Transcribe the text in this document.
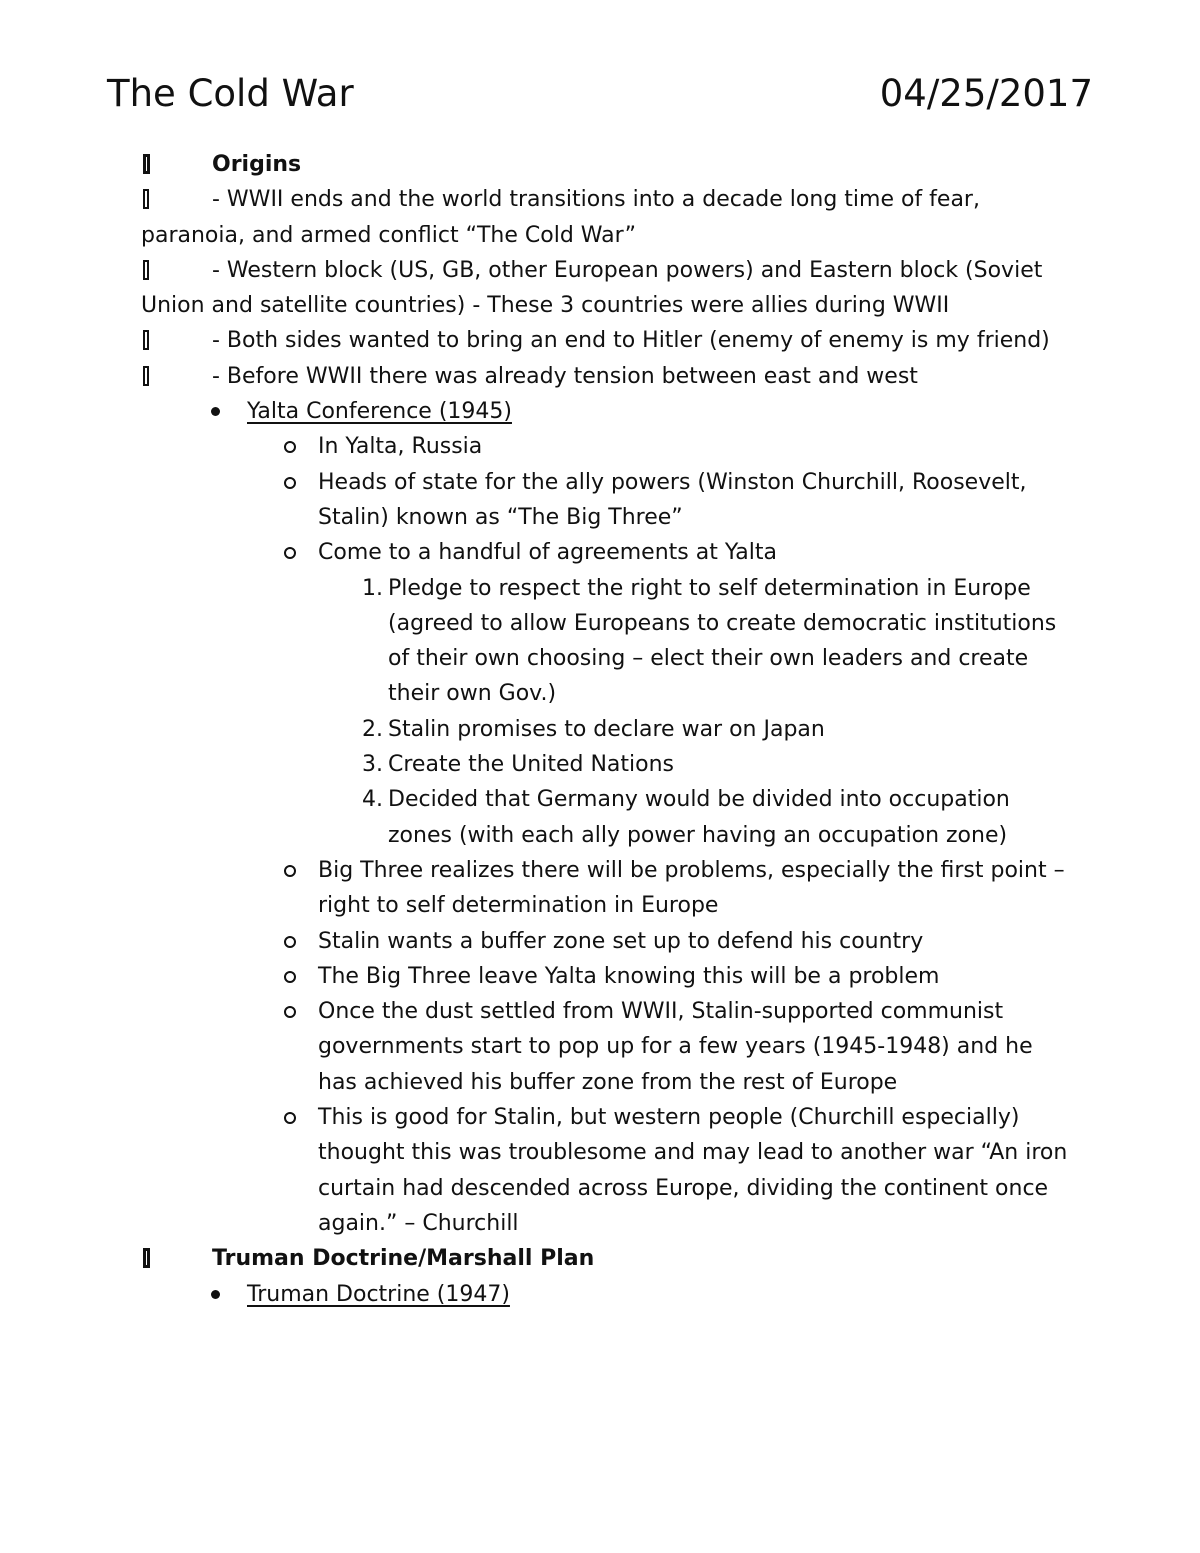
The Cold War	04/25/2017
Origins
- WWII ends and the world transitions into a decade long time of fear, paranoia, and armed conflict “The Cold War”
- Western block (US, GB, other European powers) and Eastern block (Soviet Union and satellite countries) - These 3 countries were allies during WWII
- Both sides wanted to bring an end to Hitler (enemy of enemy is my friend)
- Before WWII there was already tension between east and west
Yalta Conference (1945)
In Yalta, Russia
Heads of state for the ally powers (Winston Churchill, Roosevelt, Stalin) known as “The Big Three”
Come to a handful of agreements at Yalta
1. Pledge to respect the right to self determination in Europe (agreed to allow Europeans to create democratic institutions of their own choosing – elect their own leaders and create their own Gov.)
2. Stalin promises to declare war on Japan
3. Create the United Nations
4. Decided that Germany would be divided into occupation zones (with each ally power having an occupation zone)
Big Three realizes there will be problems, especially the first point – right to self determination in Europe
Stalin wants a buffer zone set up to defend his country
The Big Three leave Yalta knowing this will be a problem
Once the dust settled from WWII, Stalin-supported communist governments start to pop up for a few years (1945-1948) and he has achieved his buffer zone from the rest of Europe
This is good for Stalin, but western people (Churchill especially) thought this was troublesome and may lead to another war “An iron curtain had descended across Europe, dividing the continent once again.” – Churchill
Truman Doctrine/Marshall Plan
Truman Doctrine (1947)
